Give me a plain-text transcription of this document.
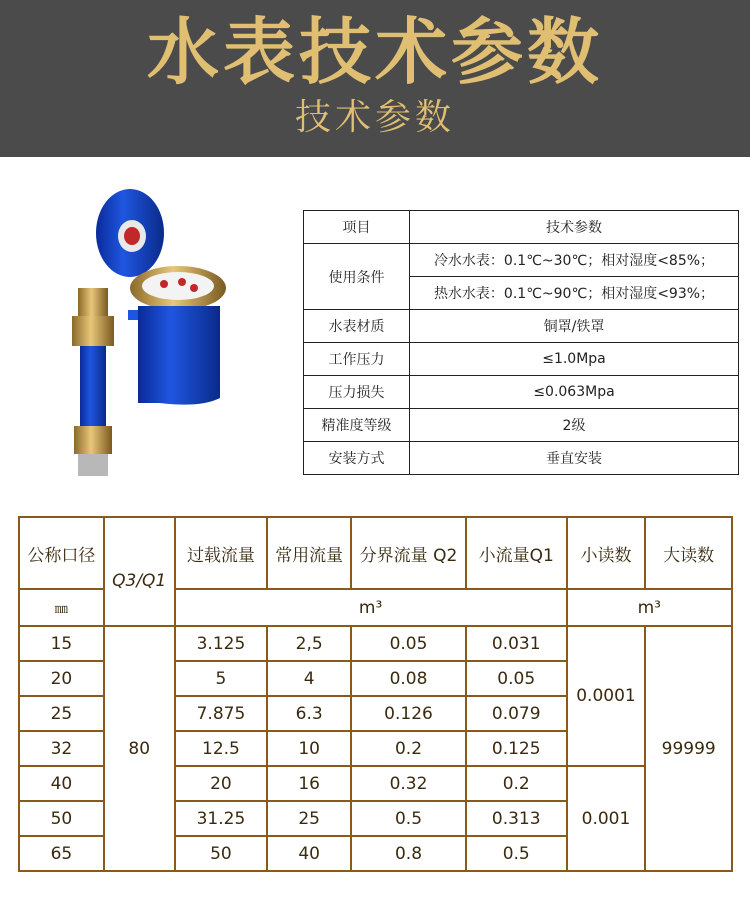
水表技术参数
技术参数
项目	技术参数
使用条件	冷水水表：0.1℃~30℃；相对湿度<85%；
	热水水表：0.1℃~90℃；相对湿度<93%；
水表材质	铜罩/铁罩
工作压力	≤1.0Mpa
压力损失	≤0.063Mpa
精准度等级	2级
安装方式	垂直安装
公称口径	Q3/Q1	过载流量	常用流量	分界流量 Q2	小流量Q1	小读数	大读数
㎜		m³				m³	
15	80	3.125	2,5	0.05	0.031	0.0001	99999
20		5	4	0.08	0.05		
25		7.875	6.3	0.126	0.079		
32		12.5	10	0.2	0.125		
40		20	16	0.32	0.2	0.001	
50		31.25	25	0.5	0.313		
65		50	40	0.8	0.5		
